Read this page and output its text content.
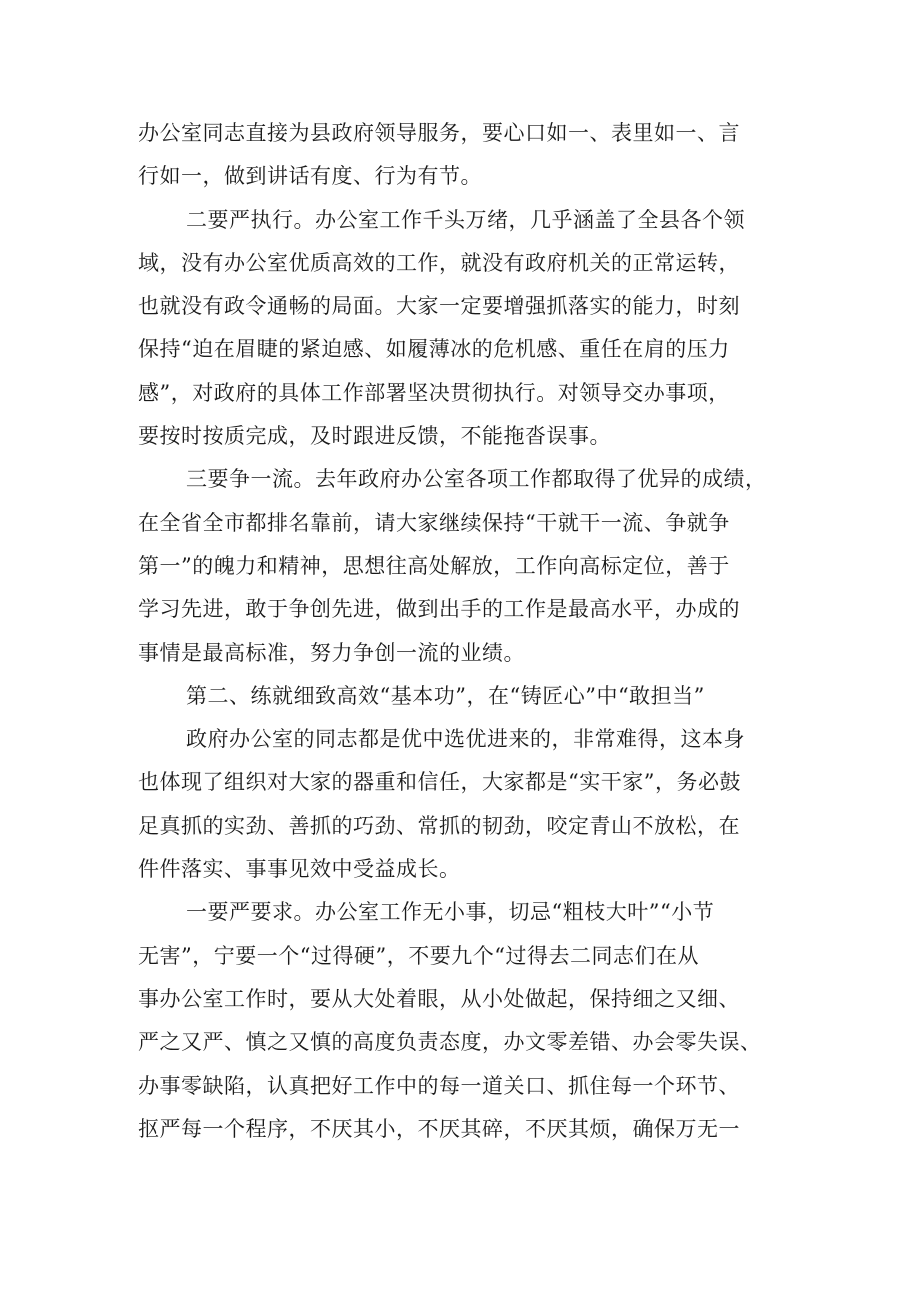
办公室同志直接为县政府领导服务，要心口如一、表里如一、言
行如一，做到讲话有度、行为有节。
二要严执行。办公室工作千头万绪，几乎涵盖了全县各个领
域，没有办公室优质高效的工作，就没有政府机关的正常运转，
也就没有政令通畅的局面。大家一定要增强抓落实的能力，时刻
保持“迫在眉睫的紧迫感、如履薄冰的危机感、重任在肩的压力
感”，对政府的具体工作部署坚决贯彻执行。对领导交办事项，
要按时按质完成，及时跟进反馈，不能拖沓误事。
三要争一流。去年政府办公室各项工作都取得了优异的成绩，
在全省全市都排名靠前，请大家继续保持“干就干一流、争就争
第一”的魄力和精神，思想往高处解放，工作向高标定位，善于
学习先进，敢于争创先进，做到出手的工作是最高水平，办成的
事情是最高标准，努力争创一流的业绩。
第二、练就细致高效“基本功”，在“铸匠心”中“敢担当”
政府办公室的同志都是优中选优进来的，非常难得，这本身
也体现了组织对大家的器重和信任，大家都是“实干家”，务必鼓
足真抓的实劲、善抓的巧劲、常抓的韧劲，咬定青山不放松，在
件件落实、事事见效中受益成长。
一要严要求。办公室工作无小事，切忌“粗枝大叶”“小节
无害”，宁要一个“过得硬”，不要九个“过得去二同志们在从
事办公室工作时，要从大处着眼，从小处做起，保持细之又细、
严之又严、慎之又慎的高度负责态度，办文零差错、办会零失误、
办事零缺陷，认真把好工作中的每一道关口、抓住每一个环节、
抠严每一个程序，不厌其小，不厌其碎，不厌其烦，确保万无一
